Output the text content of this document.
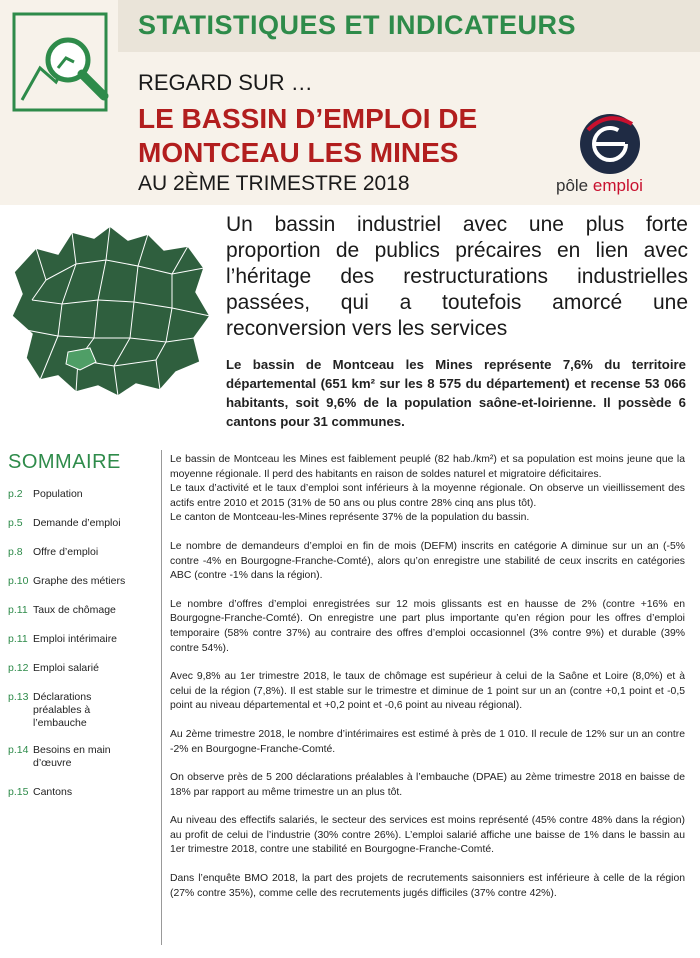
STATISTIQUES ET INDICATEURS
REGARD SUR …
LE BASSIN D’EMPLOI DE
MONTCEAU LES MINES
AU 2ÈME TRIMESTRE 2018	pôle emploi
Un bassin industriel avec une plus forte proportion de publics précaires en lien avec l’héritage des restructurations industrielles passées, qui a toutefois amorcé une reconversion vers les services
Le bassin de Montceau les Mines représente 7,6% du territoire départemental (651 km² sur les 8 575 du département) et recense 53 066 habitants, soit 9,6% de la population saône-et-loirienne. Il possède 6 cantons pour 31 communes.
SOMMAIRE
p.2 Population
p.5 Demande d’emploi
p.8 Offre d’emploi
p.10 Graphe des métiers
p.11 Taux de chômage
p.11 Emploi intérimaire
p.12 Emploi salarié
p.13 Déclarations préalables à l’embauche
p.14 Besoins en main d’œuvre
p.15 Cantons

Le bassin de Montceau les Mines est faiblement peuplé (82 hab./km²) et sa population est moins jeune que la moyenne régionale. Il perd des habitants en raison de soldes naturel et migratoire déficitaires.

Le taux d’activité et le taux d’emploi sont inférieurs à la moyenne régionale. On observe un vieillissement des actifs entre 2010 et 2015 (31% de 50 ans ou plus contre 28% cinq ans plus tôt).

Le canton de Montceau-les-Mines représente 37% de la population du bassin.

Le nombre de demandeurs d’emploi en fin de mois (DEFM) inscrits en catégorie A diminue sur un an (-5% contre -4% en Bourgogne-Franche-Comté), alors qu’on enregistre une stabilité de ceux inscrits en catégories ABC (contre -1% dans la région).

Le nombre d’offres d’emploi enregistrées sur 12 mois glissants est en hausse de 2% (contre +16% en Bourgogne-Franche-Comté). On enregistre une part plus importante qu’en région pour les offres d’emploi temporaire (58% contre 37%) au contraire des offres d’emploi occasionnel (3% contre 9%) et durable (39% contre 54%).

Avec 9,8% au 1er trimestre 2018, le taux de chômage est supérieur à celui de la Saône et Loire (8,0%) et à celui de la région (7,8%). Il est stable sur le trimestre et diminue de 1 point sur un an (contre +0,1 point et -0,5 point au niveau départemental et +0,2 point et -0,6 point au niveau régional).

Au 2ème trimestre 2018, le nombre d’intérimaires est estimé à près de 1 010. Il recule de 12% sur un an contre -2% en Bourgogne-Franche-Comté.

On observe près de 5 200 déclarations préalables à l’embauche (DPAE) au 2ème trimestre 2018 en baisse de 18% par rapport au même trimestre un an plus tôt.

Au niveau des effectifs salariés, le secteur des services est moins représenté (45% contre 48% dans la région) au profit de celui de l’industrie (30% contre 26%). L’emploi salarié affiche une baisse de 1% dans le bassin au 1er trimestre 2018, contre une stabilité en Bourgogne-Franche-Comté.

Dans l’enquête BMO 2018, la part des projets de recrutements saisonniers est inférieure à celle de la région (27% contre 35%), comme celle des recrutements jugés difficiles (37% contre 42%).
